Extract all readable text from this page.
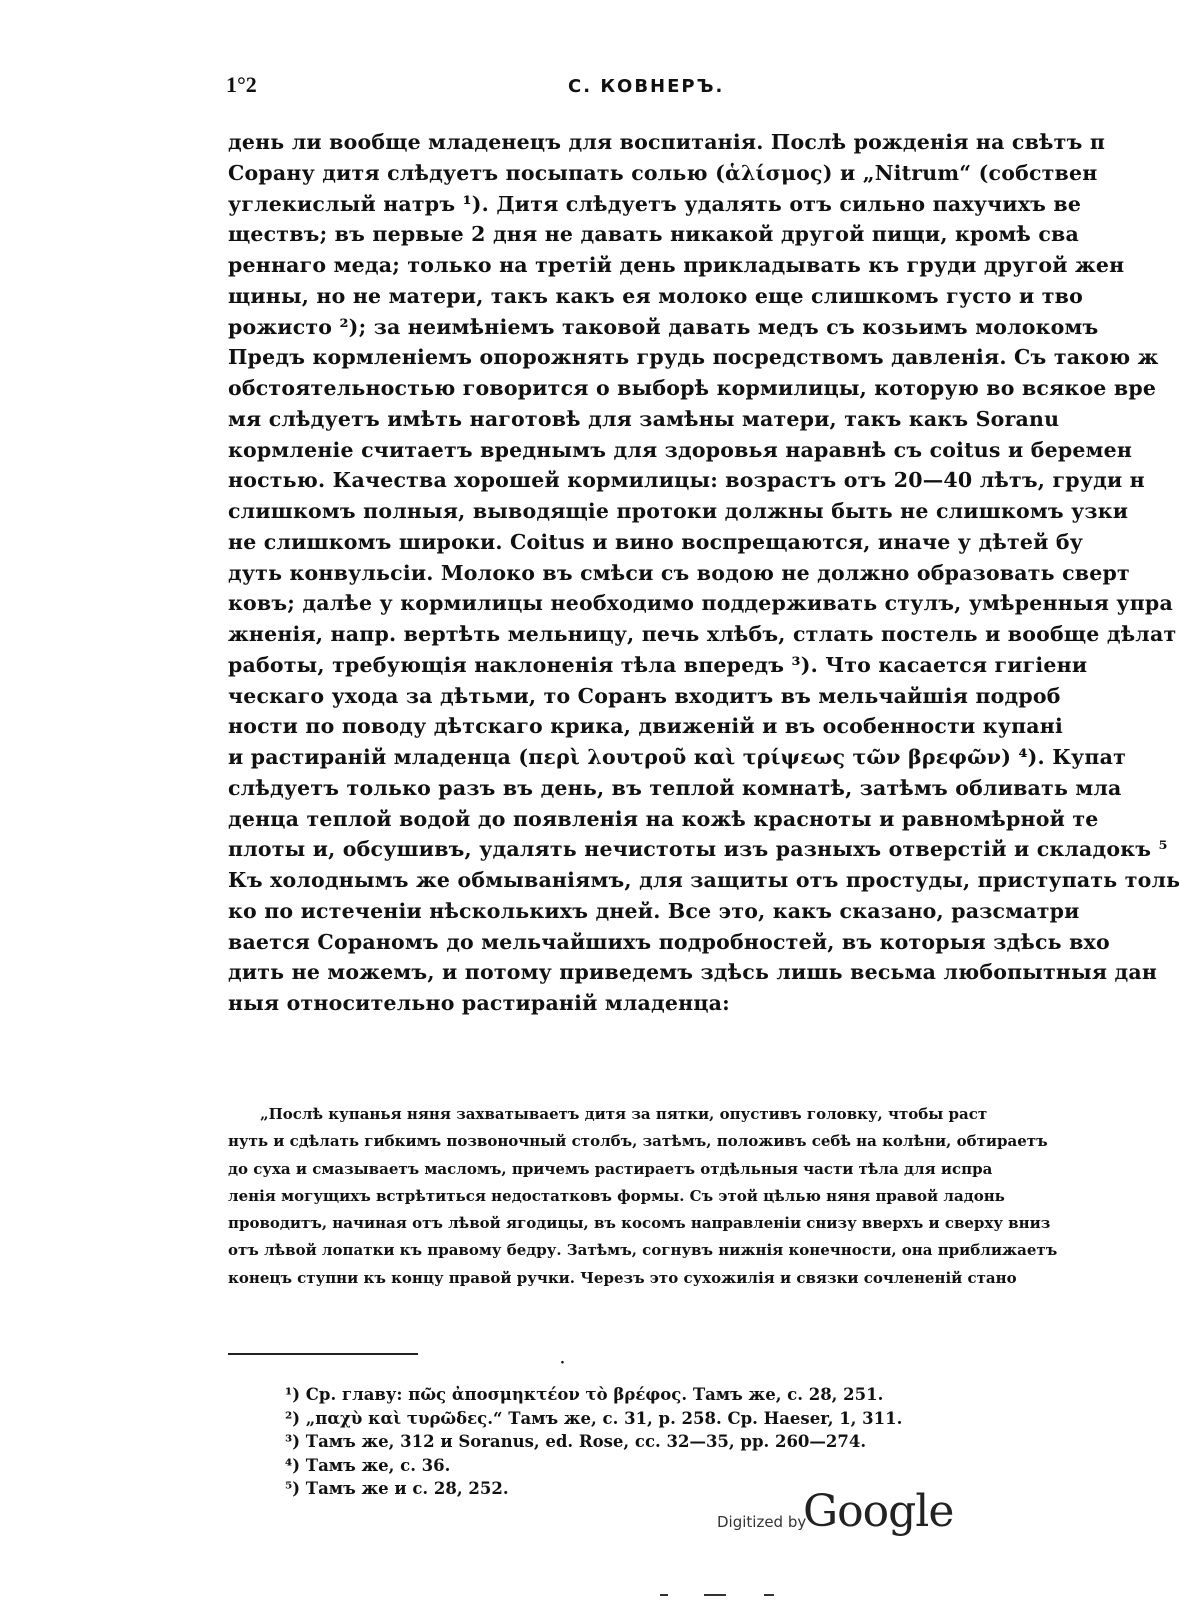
1°2	С. КОВНЕРЪ.
день ли вообще младенецъ для воспитанія. Послѣ рожденія на свѣтъ п
Сорану дитя слѣдуетъ посыпать солью (ἁλίσμος) и „Nitrum“ (собствен
углекислый натръ ¹). Дитя слѣдуетъ удалять отъ сильно пахучихъ ве
ществъ; въ первые 2 дня не давать никакой другой пищи, кромѣ сва
реннаго меда; только на третій день прикладывать къ груди другой жен
щины, но не матери, такъ какъ ея молоко еще слишкомъ густо и тво
рожисто ²); за неимѣніемъ таковой давать медъ съ козьимъ молокомъ
Предъ кормленіемъ опорожнять грудь посредствомъ давленія. Съ такою ж
обстоятельностью говорится о выборѣ кормилицы, которую во всякое вре
мя слѣдуетъ имѣть наготовѣ для замѣны матери, такъ какъ Soranu
кормленіе считаетъ вреднымъ для здоровья наравнѣ съ coitus и беремен
ностью. Качества хорошей кормилицы: возрастъ отъ 20—40 лѣтъ, груди н
слишкомъ полныя, выводящіе протоки должны быть не слишкомъ узки
не слишкомъ широки. Coitus и вино воспрещаются, иначе у дѣтей бу
дуть конвульсіи. Молоко въ смѣси съ водою не должно образовать сверт
ковъ; далѣе у кормилицы необходимо поддерживать стулъ, умѣренныя упра
жненія, напр. вертѣть мельницу, печь хлѣбъ, стлать постель и вообще дѣлат
работы, требующія наклоненія тѣла впередъ ³). Что касается гигіени
ческаго ухода за дѣтьми, то Соранъ входитъ въ мельчайшія подроб
ности по поводу дѣтскаго крика, движеній и въ особенности купані
и растираній младенца (περὶ λουτροῦ καὶ τρίψεως τῶν βρεφῶν) ⁴). Купат
слѣдуетъ только разъ въ день, въ теплой комнатѣ, затѣмъ обливать мла
денца теплой водой до появленія на кожѣ красноты и равномѣрной те
плоты и, обсушивъ, удалять нечистоты изъ разныхъ отверстій и складокъ ⁵
Къ холоднымъ же обмываніямъ, для защиты отъ простуды, приступать толь
ко по истеченіи нѣсколькихъ дней. Все это, какъ сказано, разсматри
вается Сораномъ до мельчайшихъ подробностей, въ которыя здѣсь вхо
дить не можемъ, и потому приведемъ здѣсь лишь весьма любопытныя дан
ныя относительно растираній младенца:
„Послѣ купанья няня захватываетъ дитя за пятки, опустивъ головку, чтобы раст
нуть и сдѣлать гибкимъ позвоночный столбъ, затѣмъ, положивъ себѣ на колѣни, обтираетъ
до суха и смазываетъ масломъ, причемъ растираетъ отдѣльныя части тѣла для испра
ленія могущихъ встрѣтиться недостатковъ формы. Съ этой цѣлью няня правой ладонь
проводитъ, начиная отъ лѣвой ягодицы, въ косомъ направленіи снизу вверхъ и сверху вниз
отъ лѣвой лопатки къ правому бедру. Затѣмъ, согнувъ нижнія конечности, она приближаетъ
конецъ ступни къ концу правой ручки. Черезъ это сухожилія и связки сочлененій стано
·
¹) Ср. главу: πῶς ἀποσμηκτέον τὸ βρέφος. Тамъ же, с. 28, 251.
²) „παχὺ καὶ τυρῶδες.“ Тамъ же, с. 31, р. 258. Ср. Haeser, 1, 311.
³) Тамъ же, 312 и Soranus, ed. Rose, сс. 32—35, рр. 260—274.
⁴) Тамъ же, с. 36.
⁵) Тамъ же и с. 28, 252.
Digitized by
Google
